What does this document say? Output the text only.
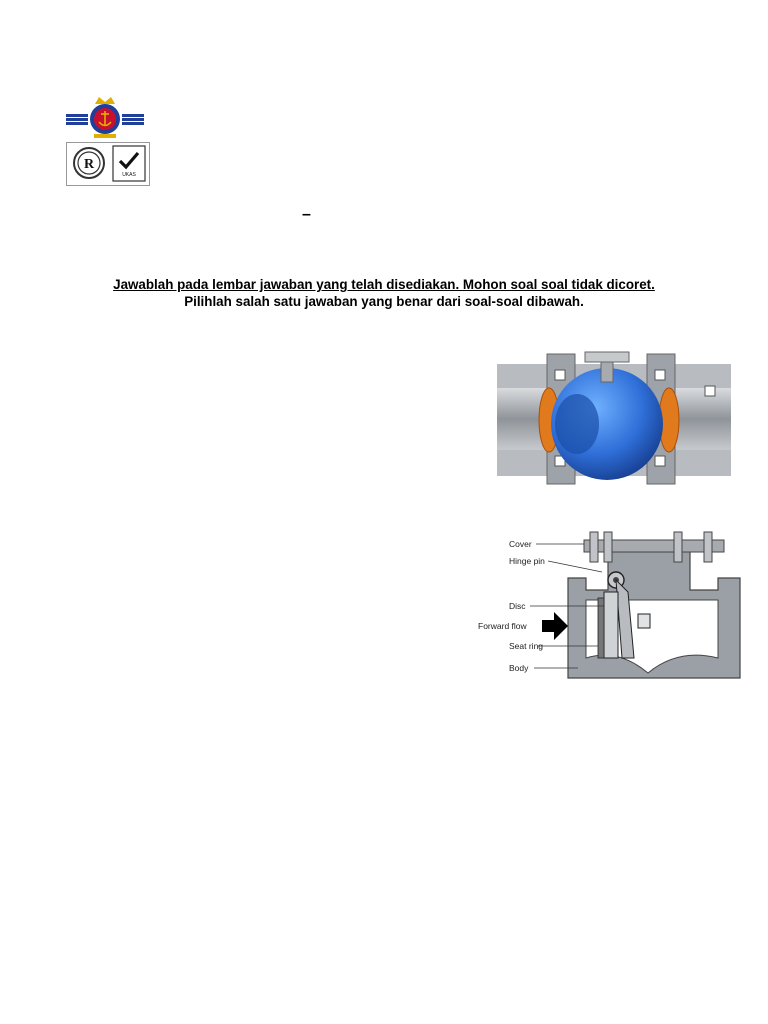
R
UKAS
–
Jawablah pada lembar jawaban yang telah disediakan. Mohon soal soal tidak dicoret.
Pilihlah salah satu jawaban yang benar dari soal-soal dibawah.
Cover
Hinge pin
Disc
Forward flow
Seat ring
Body
